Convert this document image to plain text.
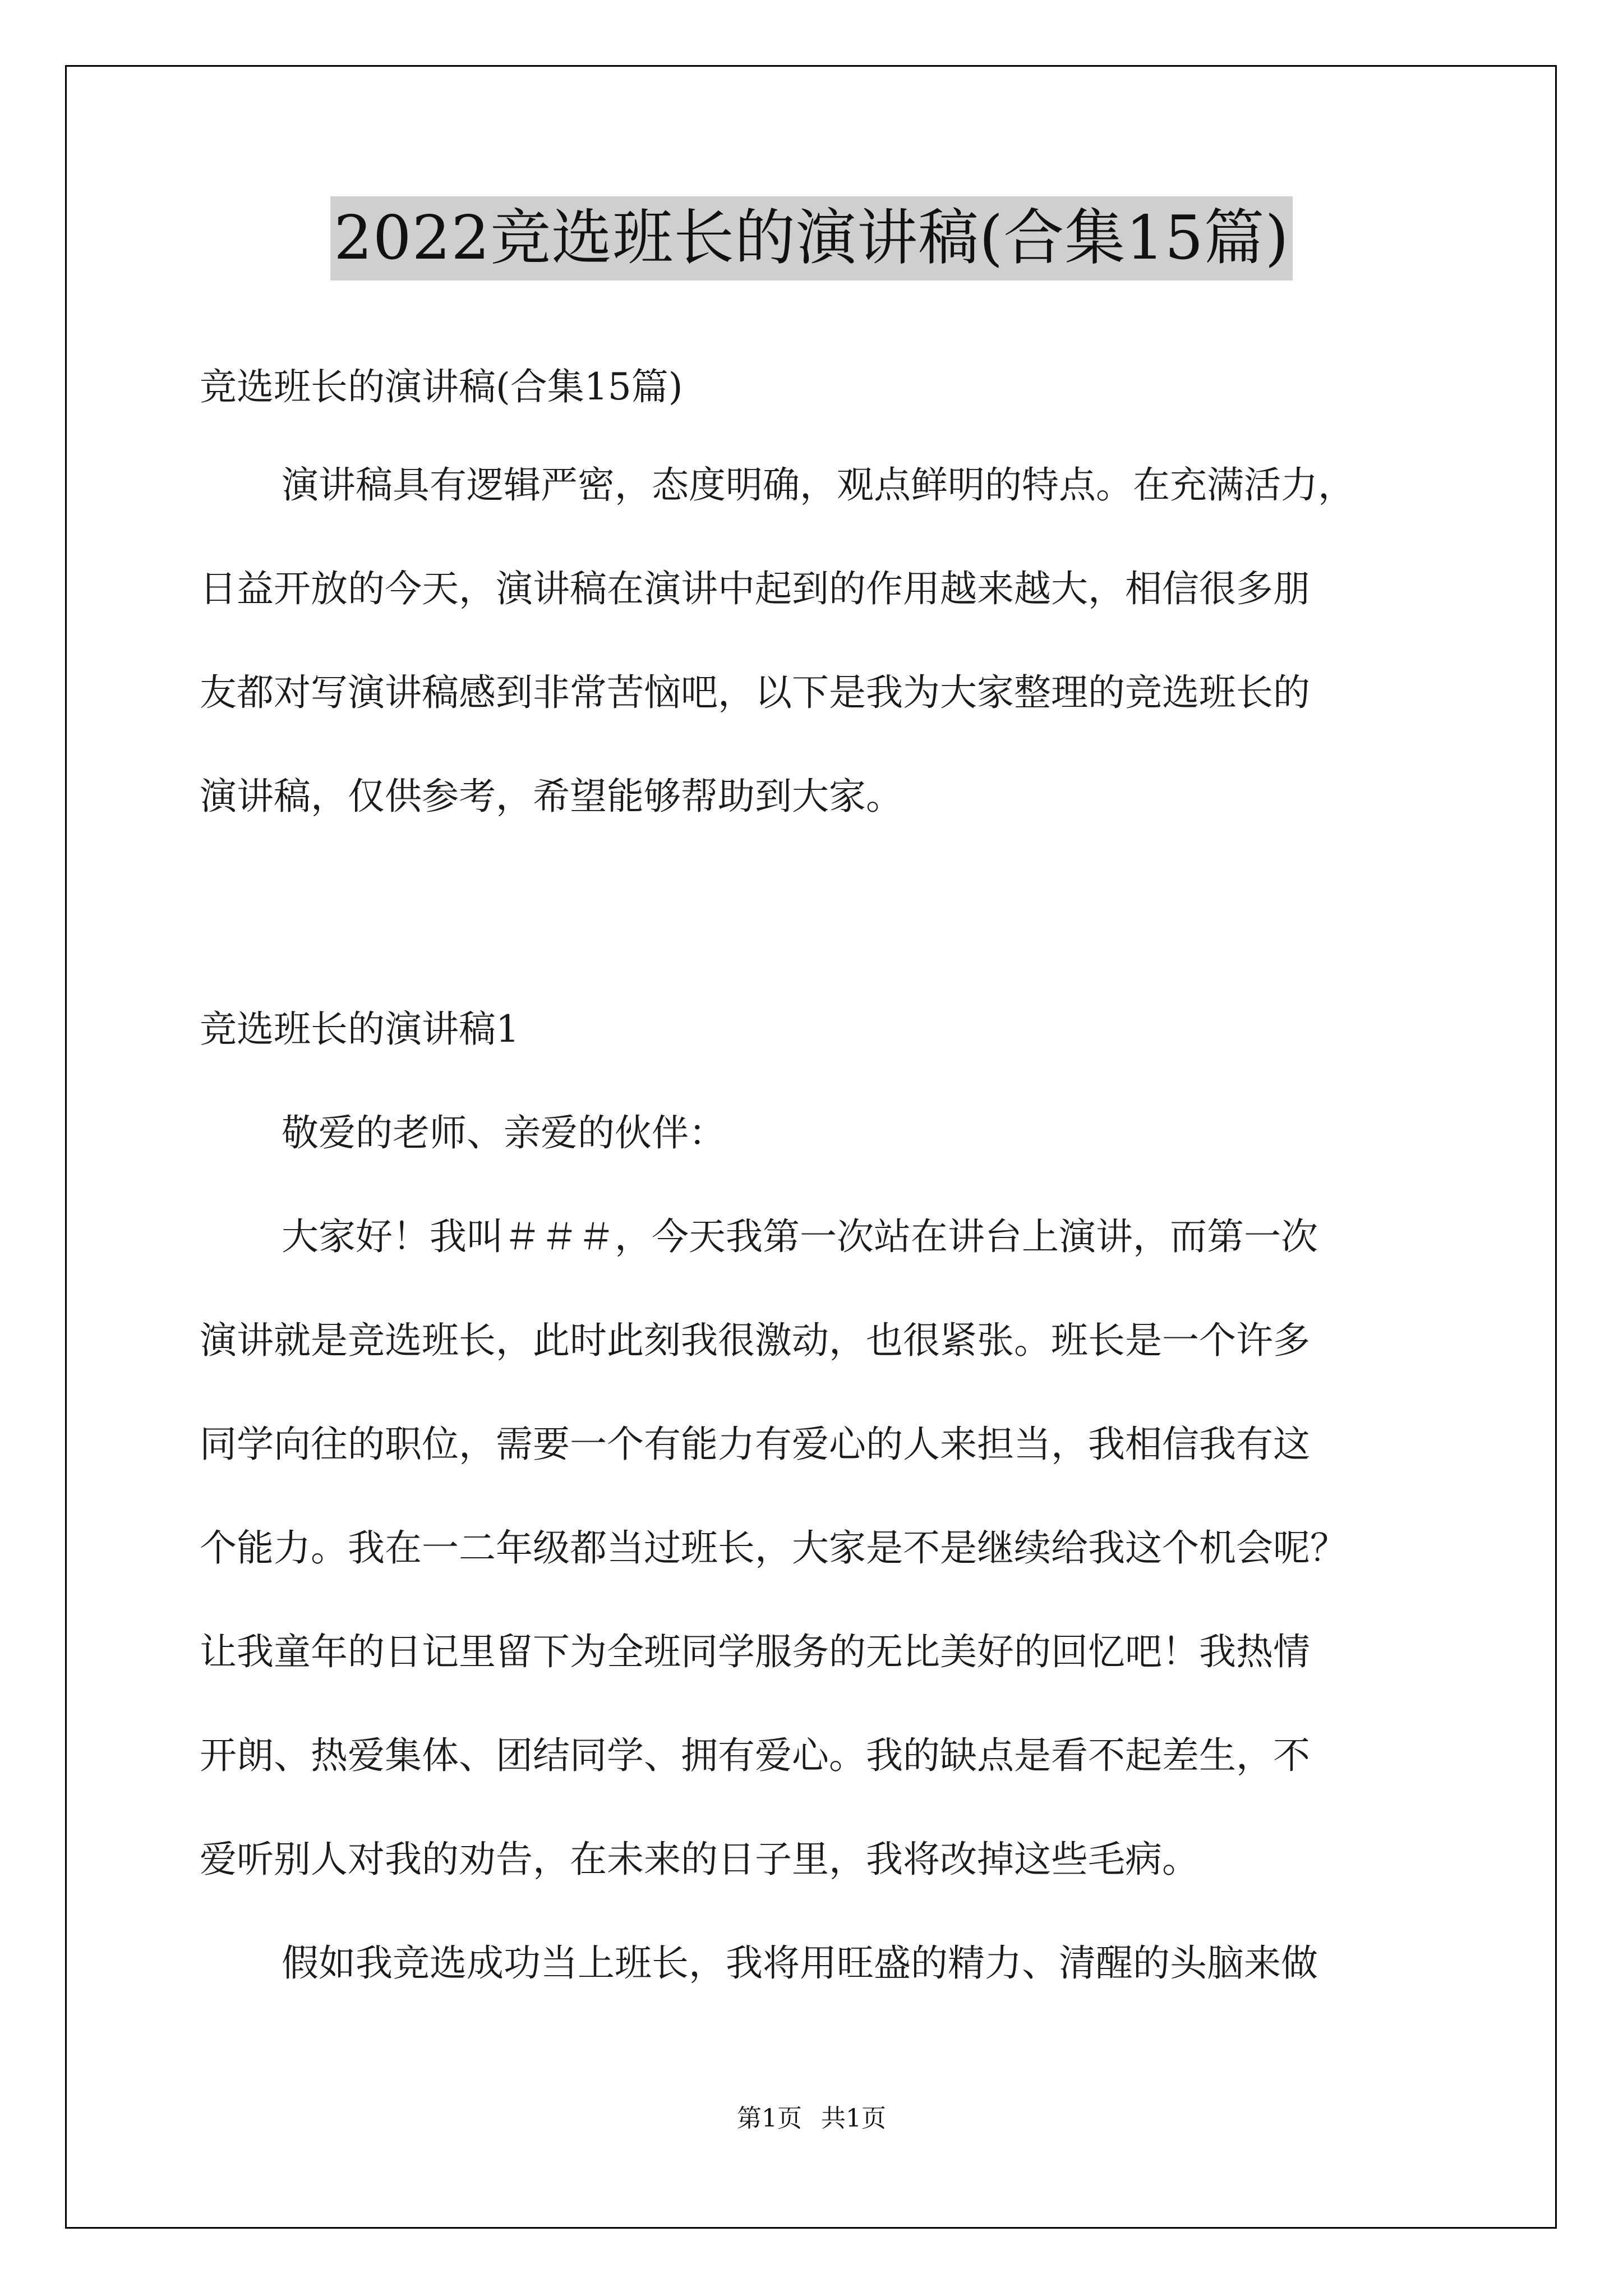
2022竞选班长的演讲稿(合集15篇)
竞选班长的演讲稿(合集15篇)
演讲稿具有逻辑严密，态度明确，观点鲜明的特点。在充满活力，
日益开放的今天，演讲稿在演讲中起到的作用越来越大，相信很多朋
友都对写演讲稿感到非常苦恼吧，以下是我为大家整理的竞选班长的
演讲稿，仅供参考，希望能够帮助到大家。
竞选班长的演讲稿1
敬爱的老师、亲爱的伙伴：
大家好！我叫＃＃＃，今天我第一次站在讲台上演讲，而第一次
演讲就是竞选班长，此时此刻我很激动，也很紧张。班长是一个许多
同学向往的职位，需要一个有能力有爱心的人来担当，我相信我有这
个能力。我在一二年级都当过班长，大家是不是继续给我这个机会呢？
让我童年的日记里留下为全班同学服务的无比美好的回忆吧！我热情
开朗、热爱集体、团结同学、拥有爱心。我的缺点是看不起差生，不
爱听别人对我的劝告，在未来的日子里，我将改掉这些毛病。
假如我竞选成功当上班长，我将用旺盛的精力、清醒的头脑来做
第1页 共1页
